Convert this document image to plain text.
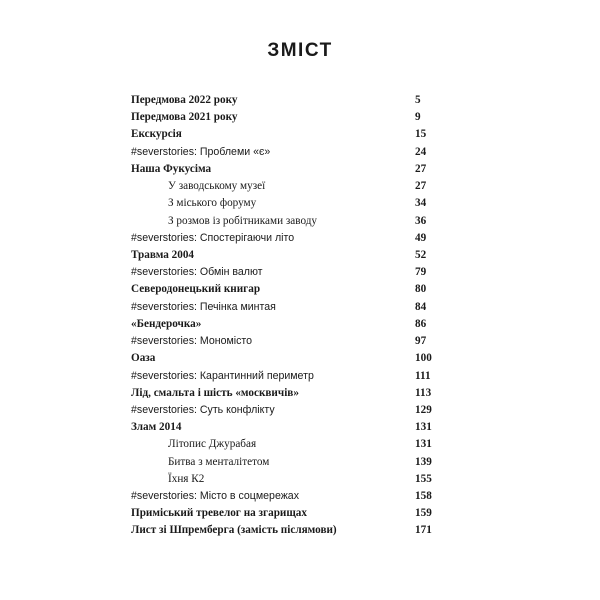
ЗМІСТ
Передмова 2022 року	5
Передмова 2021 року	9
Екскурсія	15
#severstories: Проблеми «є»	24
Наша Фукусіма	27
У заводському музеї	27
З міського форуму	34
З розмов із робітниками заводу	36
#severstories: Спостерігаючи літо	49
Травма 2004	52
#severstories: Обмін валют	79
Северодонецький книгар	80
#severstories: Печінка минтая	84
«Бендерочка»	86
#severstories: Мономісто	97
Оаза	100
#severstories: Карантинний периметр	111
Лід, смальта і шість «москвичів»	113
#severstories: Суть конфлікту	129
Злам 2014	131
Літопис Джурабая	131
Битва з менталітетом	139
Їхня К2	155
#severstories: Місто в соцмережах	158
Приміський тревелог на згарищах	159
Лист зі Шпремберга (замість післямови)	171
